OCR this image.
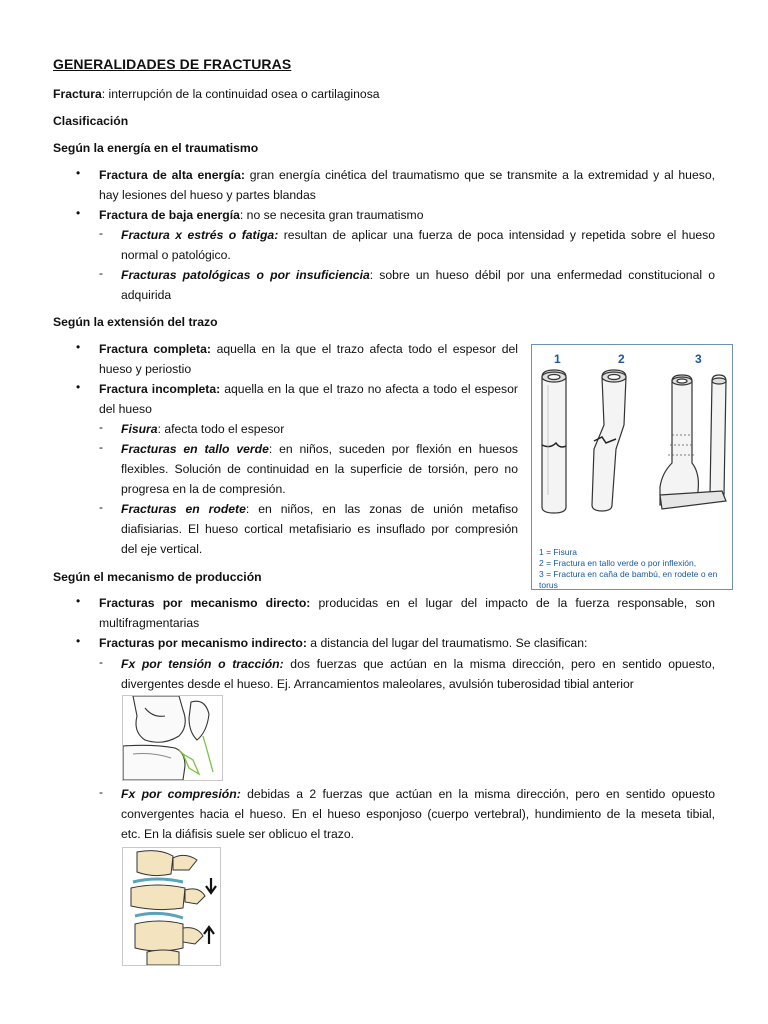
GENERALIDADES DE FRACTURAS
Fractura: interrupción de la continuidad osea o cartilaginosa
Clasificación
Según la energía en el traumatismo
• Fractura de alta energía: gran energía cinética del traumatismo que se transmite a la extremidad y al hueso,
hay lesiones del hueso y partes blandas
• Fractura de baja energía: no se necesita gran traumatismo
- Fractura x estrés o fatiga: resultan de aplicar una fuerza de poca intensidad y repetida sobre el hueso
normal o patológico.
- Fracturas patológicas o por insuficiencia: sobre un hueso débil por una enfermedad constitucional o
adquirida
Según la extensión del trazo
• Fractura completa: aquella en la que el trazo afecta todo el espesor del
hueso y periostio
• Fractura incompleta: aquella en la que el trazo no afecta a todo el espesor
del hueso
- Fisura: afecta todo el espesor
- Fracturas en tallo verde: en niños, suceden por flexión en huesos
flexibles. Solución de continuidad en la superficie de torsión, pero no
progresa en la de compresión.
- Fracturas en rodete: en niños, en las zonas de unión metafiso
diafisiarias. El hueso cortical metafisiario es insuflado por compresión
del eje vertical.
1	2	3
1 = Fisura
2 = Fractura en tallo verde o por inflexión,
3 = Fractura en caña de bambú, en rodete o en torus
Según el mecanismo de producción
• Fracturas por mecanismo directo: producidas en el lugar del impacto de la fuerza responsable, son
multifragmentarias
• Fracturas por mecanismo indirecto: a distancia del lugar del traumatismo. Se clasifican:
- Fx por tensión o tracción: dos fuerzas que actúan en la misma dirección, pero en sentido opuesto,
divergentes desde el hueso. Ej. Arrancamientos maleolares, avulsión tuberosidad tibial anterior
- Fx por compresión: debidas a 2 fuerzas que actúan en la misma dirección, pero en sentido opuesto
convergentes hacia el hueso. En el hueso esponjoso (cuerpo vertebral), hundimiento de la meseta tibial,
etc. En la diáfisis suele ser oblicuo el trazo.
